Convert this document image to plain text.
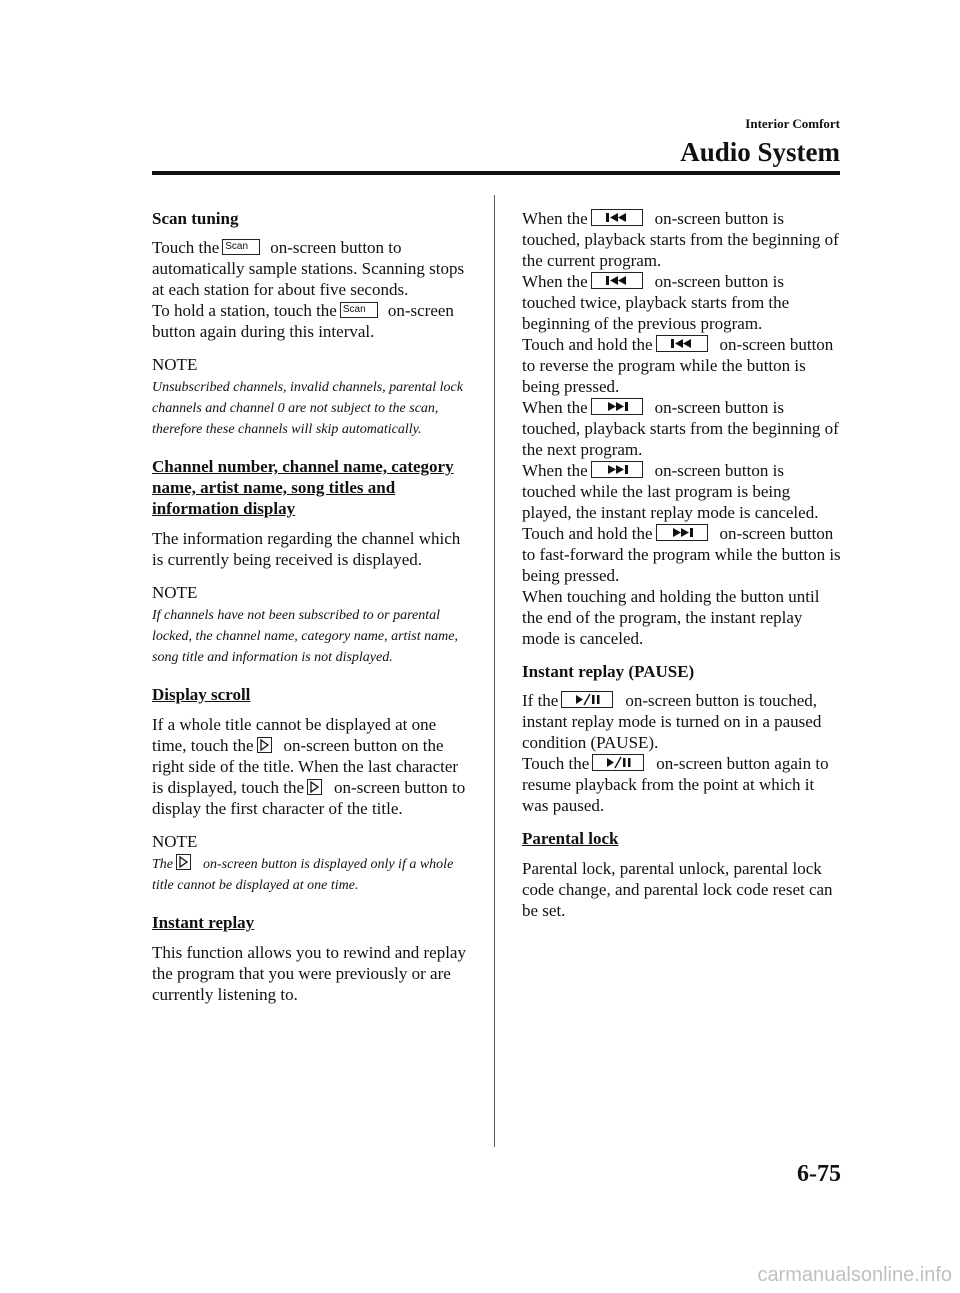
Interior Comfort
Audio System
Scan tuning

Touch the Scan on-screen button to automatically sample stations. Scanning stops at each station for about five seconds.
To hold a station, touch the Scan on-screen button again during this interval.

NOTE
Unsubscribed channels, invalid channels, parental lock channels and channel 0 are not subject to the scan, therefore these channels will skip automatically.
Channel number, channel name, category name, artist name, song titles and information display

The information regarding the channel which is currently being received is displayed.

NOTE
If channels have not been subscribed to or parental locked, the channel name, category name, artist name, song title and information is not displayed.
Display scroll

If a whole title cannot be displayed at one time, touch the on-screen button on the right side of the title. When the last character is displayed, touch the on-screen button to display the first character of the title.

NOTE
The on-screen button is displayed only if a whole title cannot be displayed at one time.
Instant replay

This function allows you to rewind and replay the program that you were previously or are currently listening to.

When the	on-screen button is touched, playback starts from the beginning of the current program.
When the	on-screen button is touched twice, playback starts from the beginning of the previous program.
Touch and hold the	on-screen button to reverse the program while the button is being pressed.
When the	on-screen button is touched, playback starts from the beginning of the next program.
When the	on-screen button is touched while the last program is being played, the instant replay mode is canceled.
Touch and hold the	on-screen button to fast-forward the program while the button is being pressed.
When touching and holding the button until the end of the program, the instant replay mode is canceled.

Instant replay (PAUSE)

If the	on-screen button is touched, instant replay mode is turned on in a paused condition (PAUSE).
Touch the	on-screen button again to resume playback from the point at which it was paused.

Parental lock

Parental lock, parental unlock, parental lock code change, and parental lock code reset can be set.

6-75
carmanualsonline.info
